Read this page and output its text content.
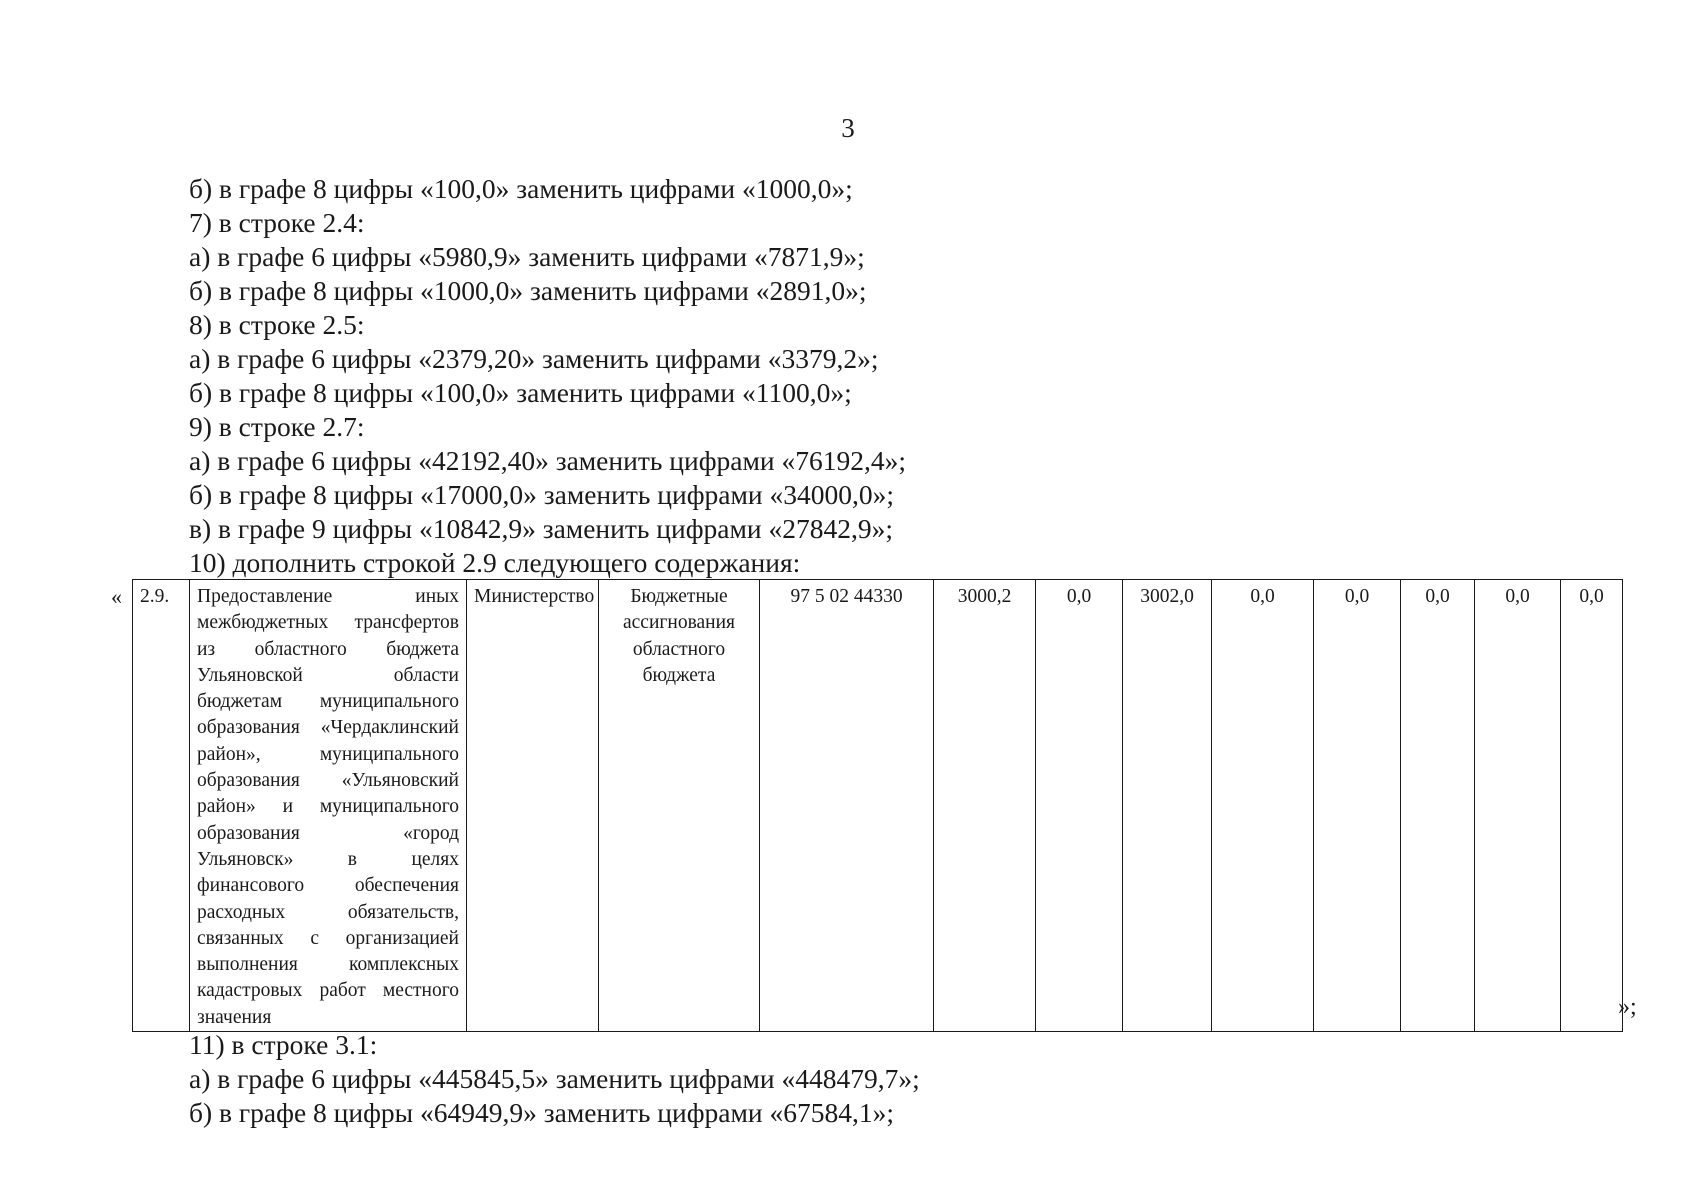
3
б) в графе 8 цифры «100,0» заменить цифрами «1000,0»;
7) в строке 2.4:
а) в графе 6 цифры «5980,9» заменить цифрами «7871,9»;
б) в графе 8 цифры «1000,0» заменить цифрами «2891,0»;
8) в строке 2.5:
а) в графе 6 цифры «2379,20» заменить цифрами «3379,2»;
б) в графе 8 цифры «100,0» заменить цифрами «1100,0»;
9) в строке 2.7:
а) в графе 6 цифры «42192,40» заменить цифрами «76192,4»;
б) в графе 8 цифры «17000,0» заменить цифрами «34000,0»;
в) в графе 9 цифры «10842,9» заменить цифрами «27842,9»;
10) дополнить строкой 2.9 следующего содержания:
« 2.9.	Предоставление иных межбюджетных трансфертов из областного бюджета Ульяновской области бюджетам муниципального образования «Чердаклинский район», муниципального образования «Ульяновский район» и муниципального образования «город Ульяновск» в целях финансового обеспечения расходных обязательств, связанных с организацией выполнения комплексных кадастровых работ местного значения	Министерство	Бюджетные ассигнования областного бюджета	97 5 02 44330	3000,2	0,0	3002,0	0,0	0,0	0,0	0,0	0,0
»;
11) в строке 3.1:
а) в графе 6 цифры «445845,5» заменить цифрами «448479,7»;
б) в графе 8 цифры «64949,9» заменить цифрами «67584,1»;
